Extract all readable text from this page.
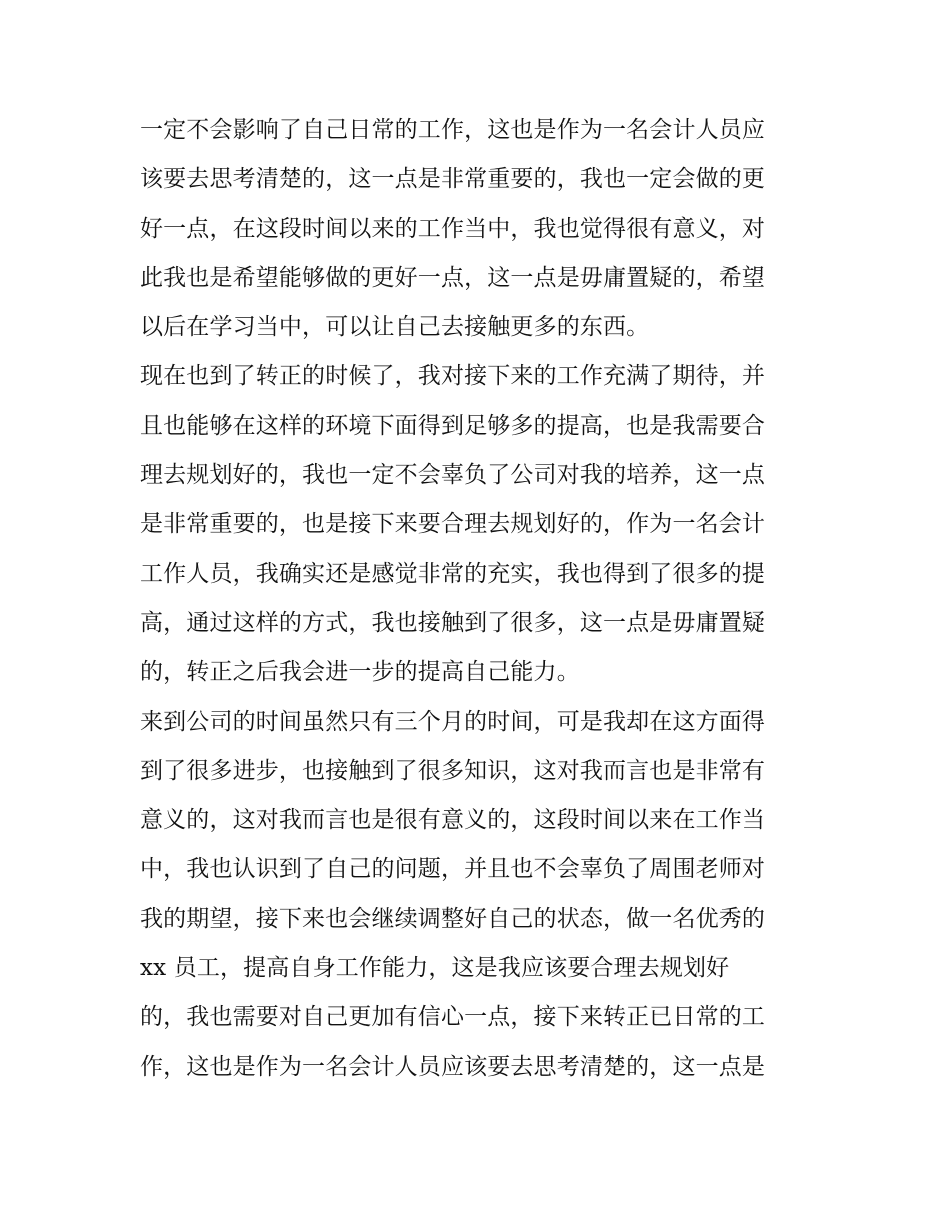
一定不会影响了自己日常的工作，这也是作为一名会计人员应
该要去思考清楚的，这一点是非常重要的，我也一定会做的更
好一点，在这段时间以来的工作当中，我也觉得很有意义，对
此我也是希望能够做的更好一点，这一点是毋庸置疑的，希望
以后在学习当中，可以让自己去接触更多的东西。
现在也到了转正的时候了，我对接下来的工作充满了期待，并
且也能够在这样的环境下面得到足够多的提高，也是我需要合
理去规划好的，我也一定不会辜负了公司对我的培养，这一点
是非常重要的，也是接下来要合理去规划好的，作为一名会计
工作人员，我确实还是感觉非常的充实，我也得到了很多的提
高，通过这样的方式，我也接触到了很多，这一点是毋庸置疑
的，转正之后我会进一步的提高自己能力。
来到公司的时间虽然只有三个月的时间，可是我却在这方面得
到了很多进步，也接触到了很多知识，这对我而言也是非常有
意义的，这对我而言也是很有意义的，这段时间以来在工作当
中，我也认识到了自己的问题，并且也不会辜负了周围老师对
我的期望，接下来也会继续调整好自己的状态，做一名优秀的
xx 员工，提高自身工作能力，这是我应该要合理去规划好
的，我也需要对自己更加有信心一点，接下来转正已日常的工
作，这也是作为一名会计人员应该要去思考清楚的，这一点是
